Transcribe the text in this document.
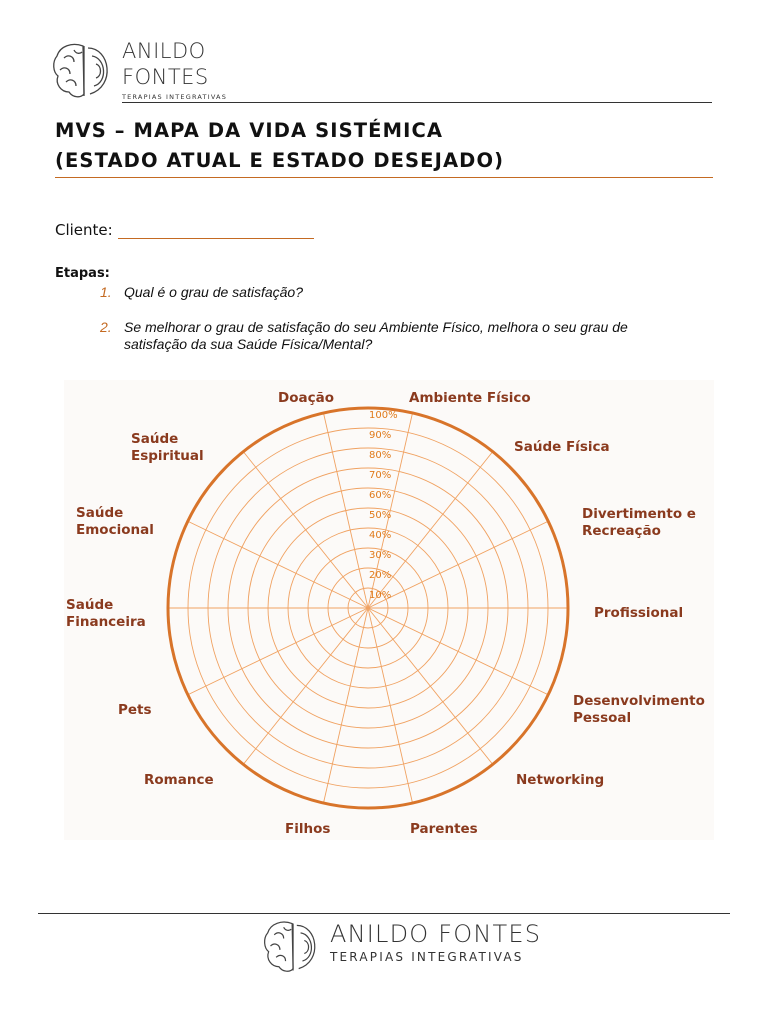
ANILDO
FONTES
TERAPIAS INTEGRATIVAS
MVS – MAPA DA VIDA SISTÉMICA
(ESTADO ATUAL E ESTADO DESEJADO)
Cliente:
Etapas:
1. Qual é o grau de satisfação?
2. Se melhorar o grau de satisfação do seu Ambiente Físico, melhora o seu grau de
satisfação da sua Saúde Física/Mental?
10%
20%
30%
40%
50%
60%
70%
80%
90%
100%
Ambiente Físico
Saúde Física
Divertimento e
Recreação
Profissional
Desenvolvimento
Pessoal
Networking
Parentes
Filhos
Romance
Pets
Saúde
Financeira
Saúde
Emocional
Saúde
Espiritual
Doação
ANILDO FONTES
TERAPIAS INTEGRATIVAS
